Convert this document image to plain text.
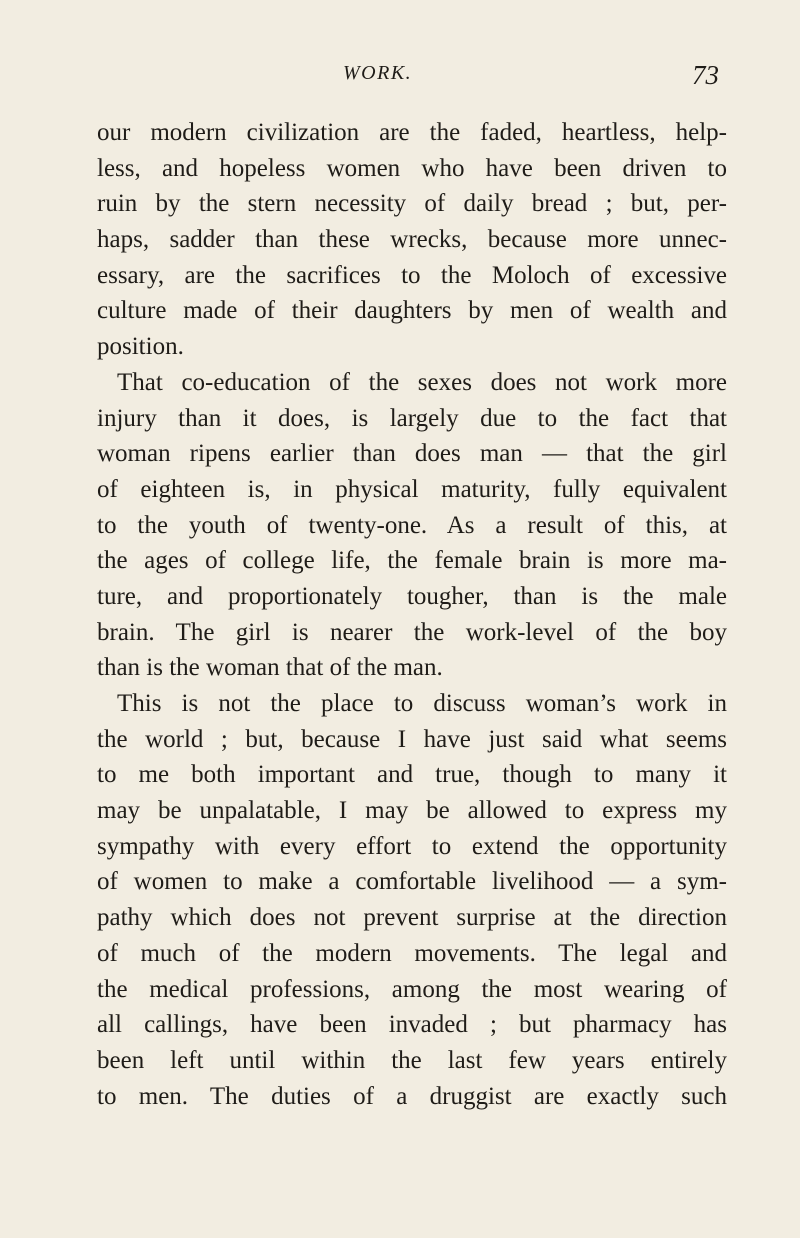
WORK.	73
our modern civilization are the faded, heartless, help-
less, and hopeless women who have been driven to
ruin by the stern necessity of daily bread ; but, per-
haps, sadder than these wrecks, because more unnec-
essary, are the sacrifices to the Moloch of excessive
culture made of their daughters by men of wealth and
position.
That co-education of the sexes does not work more
injury than it does, is largely due to the fact that
woman ripens earlier than does man — that the girl
of eighteen is, in physical maturity, fully equivalent
to the youth of twenty-one. As a result of this, at
the ages of college life, the female brain is more ma-
ture, and proportionately tougher, than is the male
brain. The girl is nearer the work-level of the boy
than is the woman that of the man.
This is not the place to discuss woman’s work in
the world ; but, because I have just said what seems
to me both important and true, though to many it
may be unpalatable, I may be allowed to express my
sympathy with every effort to extend the opportunity
of women to make a comfortable livelihood — a sym-
pathy which does not prevent surprise at the direction
of much of the modern movements. The legal and
the medical professions, among the most wearing of
all callings, have been invaded ; but pharmacy has
been left until within the last few years entirely
to men. The duties of a druggist are exactly such
